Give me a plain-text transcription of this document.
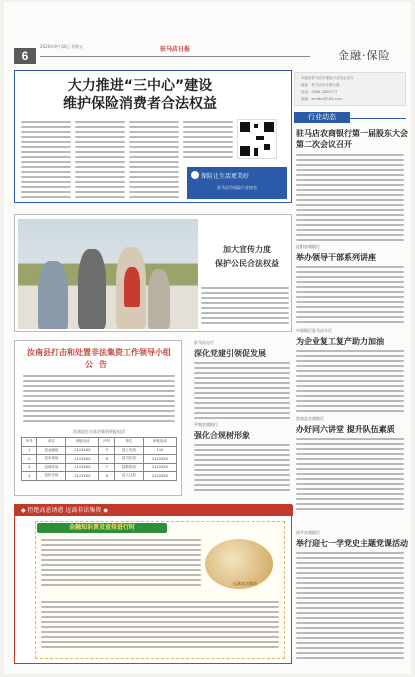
6
2020年9月18日 星期五	驻马店日报	金融·保险
大力推进“三中心”建设
维护保险消费者合法权益
保险让生活更美好
驻马店市保险行业协会
本版由驻马店市保险行业协会协办
地址：驻马店市开源大道
电话：0396-2809777
邮箱：zmdbx@163.com
行业动态
驻马店农商银行第一届股东大会
第二次会议召开
泌阳农商银行
举办领导干部系列讲座
中原银行驻马店分行
为企业复工复产助力加油
汝南县农商银行
办好同六讲堂 提升队伍素质
西平农商银行
举行迎七一学党史主题党课活动
加大宣传力度
保护公民合法权益
汝南县打击和处置非法集资工作领导小组
公告
汝南县打击非法集资举报电话
序号	单位	举报电话	序号	单位	举报电话
1	县金融局	2122XXX	5	县公安局	110
2	县市场局	2122XXX	6	县司法局	2122XXX
3	县商务局	2122XXX	7	县教育局	2122XXX
4	县信访局	2122XXX	8	县人社局	2122XXX
驻马店分行
深化党建引领促发展
平舆农商银行
强化合规树形象
◆ 拒绝高息诱惑 远离非法集资 ◆
金融知识普及宣传进行时
远离非法集资
